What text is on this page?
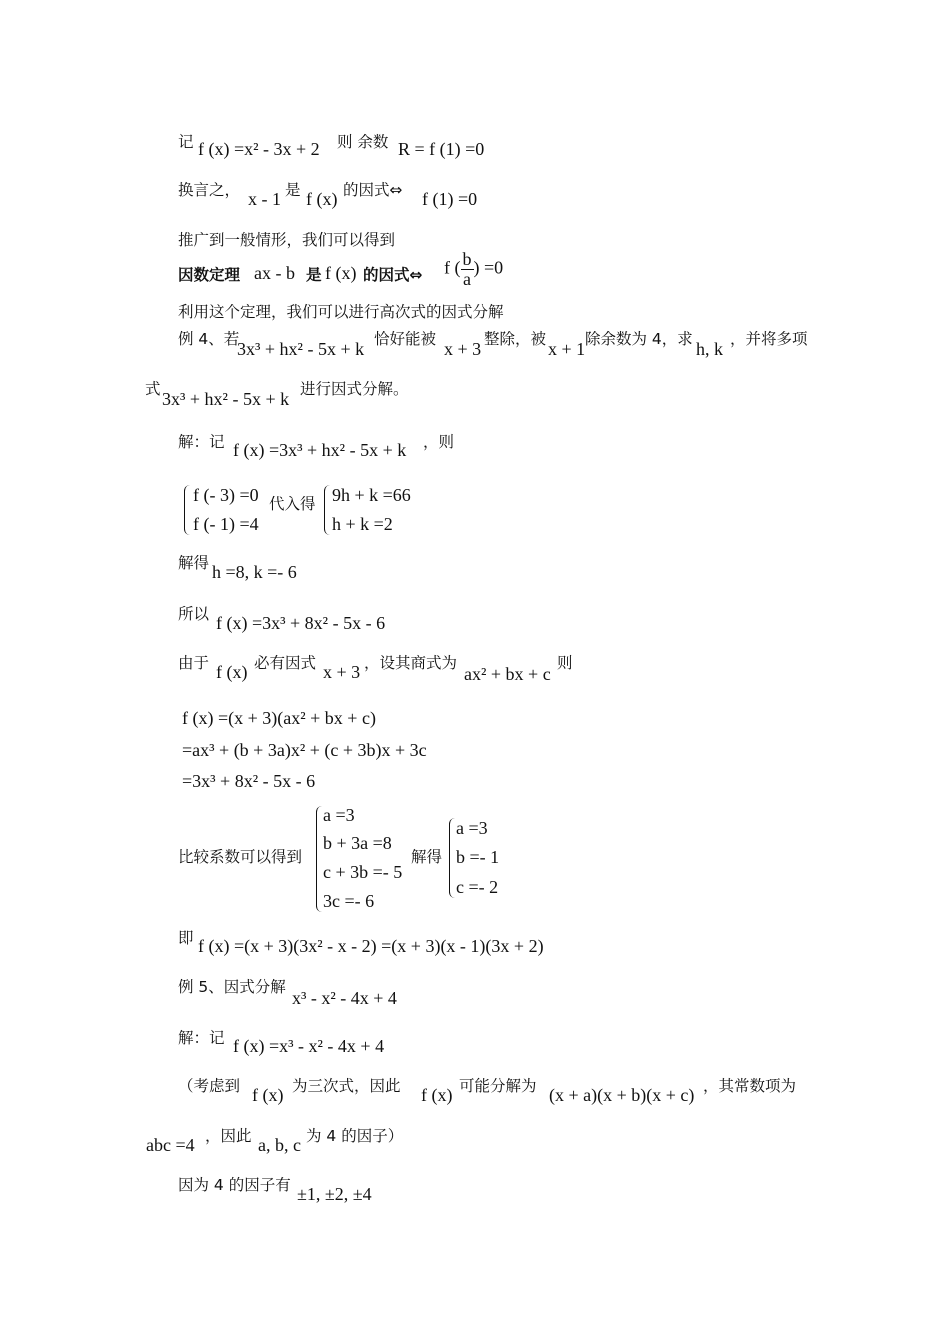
记 f (x) =x² - 3x + 2 则 余数 R = f (1) =0
换言之， x - 1 是 f (x) 的因式⇔ f (1) =0
推广到一般情形，我们可以得到
因数定理 ax - b 是 f (x) 的因式⇔ f ( $\frac{b}{a}$ ) =0
利用这个定理，我们可以进行高次式的因式分解
例 4、若
3x³ + hx² - 5x + k 恰好能被 x + 3 整除，被 x + 1 除余数为 4，求 h, k ，并将多项
式 3x³ + hx² - 5x + k 进行因式分解。
解：记 f (x) =3x³ + hx² - 5x + k ，则
f (- 3) =0
f (- 1) =4
代入得 9h + k =66
h + k =2
解得 h =8, k =- 6
所以 f (x) =3x³ + 8x² - 5x - 6
由于 f (x) 必有因式 x + 3 ，设其商式为
ax² + bx + c
则
f (x) =(x + 3)(ax² + bx + c)
=ax³ + (b + 3a)x² + (c + 3b)x + 3c
=3x³ + 8x² - 5x - 6
比较系数可以得到
a =3
b + 3a =8
c + 3b =- 5
3c =- 6
解得
a =3
b =- 1
c =- 2
即 f (x) =(x + 3)(3x² - x - 2) =(x + 3)(x - 1)(3x + 2)
例 5、因式分解
x³ - x² - 4x + 4
解：记 f (x) =x³ - x² - 4x + 4
（考虑到 f (x) 为三次式，因此 f (x) 可能分解为 (x + a)(x + b)(x + c) ，其常数项为
abc =4 ，因此 a, b, c 为 4 的因子）
因为 4 的因子有 ±1, ±2, ±4
